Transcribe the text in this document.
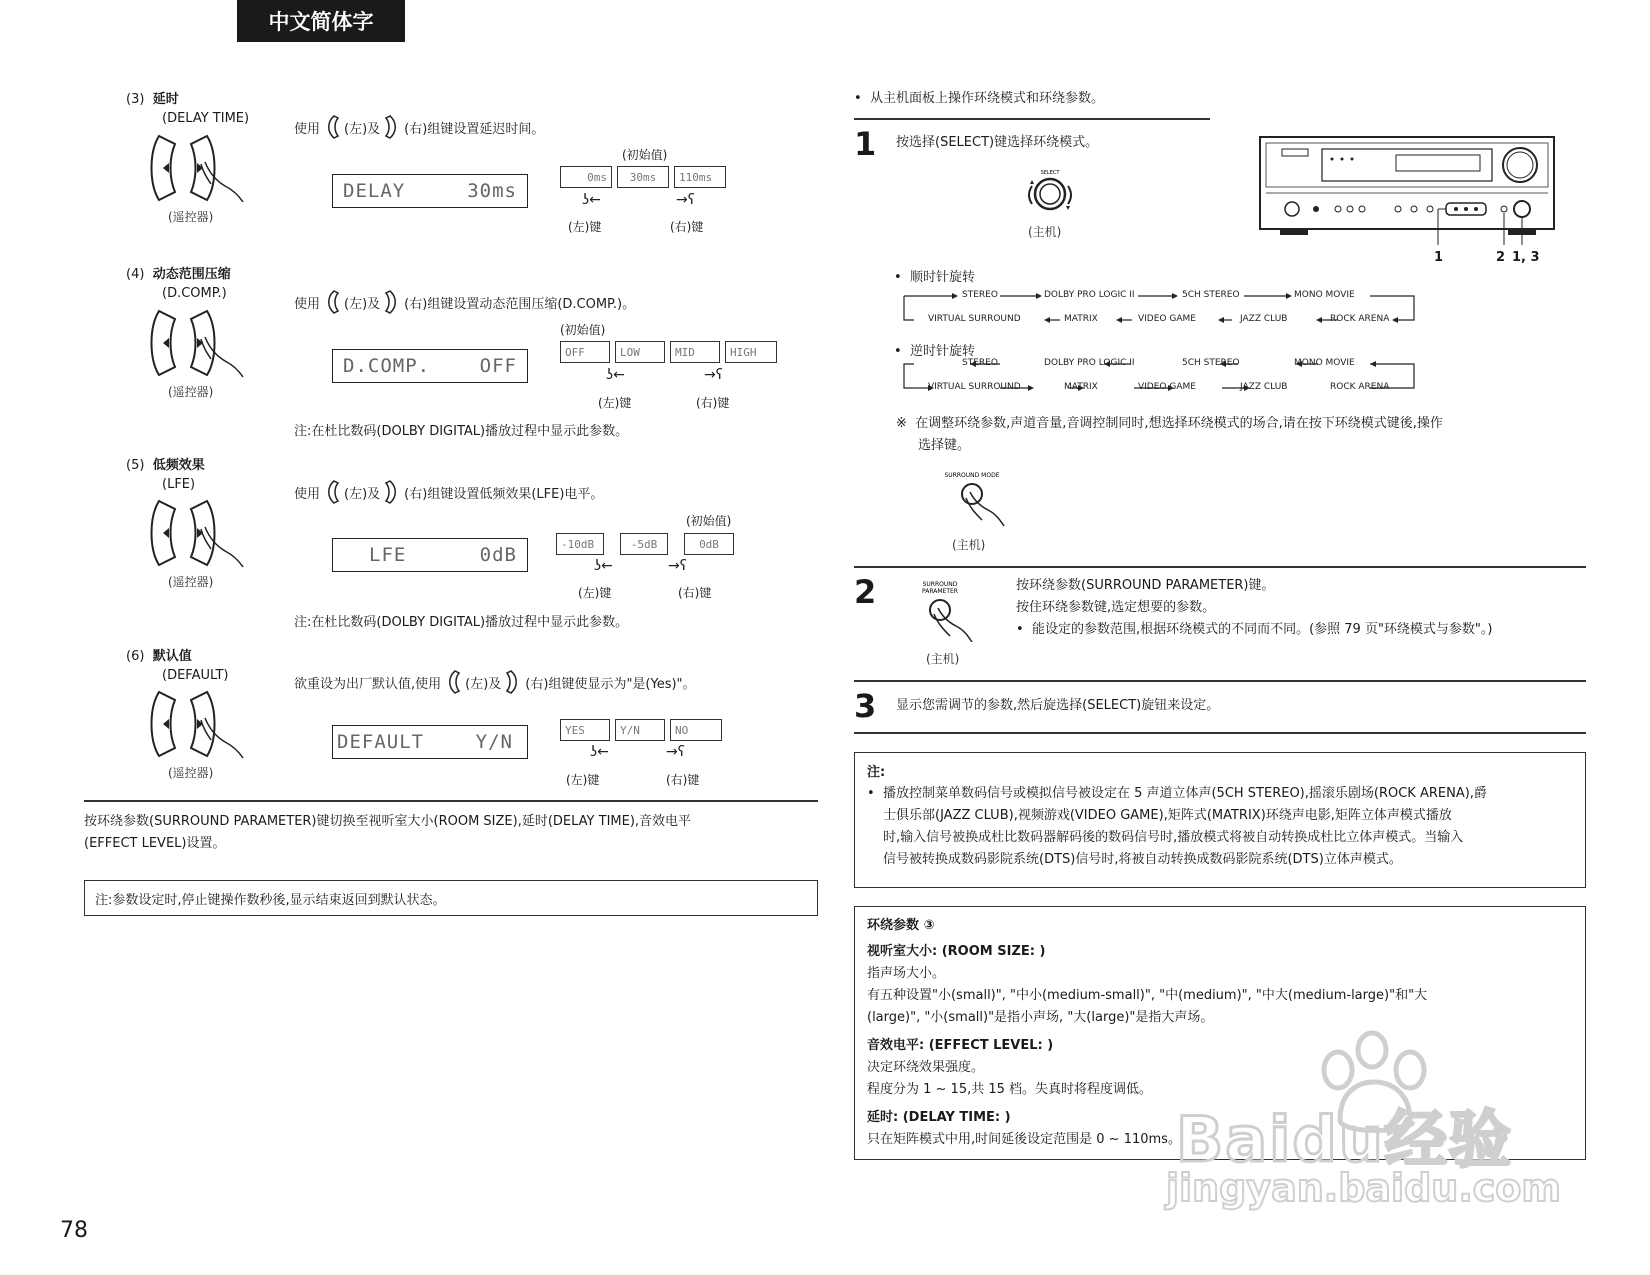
中文简体字
(3) 延时
(DELAY TIME)
(遥控器)
使用 (左)及 (右)组键设置延迟时间。
DELAY	30ms
(初始值)
0ms	30ms	110ms
ʖ←	→ʕ
(左)键	(右)键
(4) 动态范围压缩
(D.COMP.)
(遥控器)
使用 (左)及 (右)组键设置动态范围压缩(D.COMP.)。
D.COMP.	OFF
(初始值)
OFF	LOW	MID	HIGH
ʖ←	→ʕ
(左)键	(右)键
注:在杜比数码(DOLBY DIGITAL)播放过程中显示此参数。
(5) 低频效果
(LFE)
(遥控器)
使用 (左)及 (右)组键设置低频效果(LFE)电平。
LFE	0dB
(初始值)
-10dB	-5dB	0dB
ʖ←	→ʕ
(左)键	(右)键
注:在杜比数码(DOLBY DIGITAL)播放过程中显示此参数。
(6) 默认值
(DEFAULT)
(遥控器)
欲重设为出厂默认值,使用 (左)及 (右)组键使显示为"是(Yes)"。
DEFAULT	Y/N
YES	Y/N	NO
ʖ←	→ʕ
(左)键	(右)键
按环绕参数(SURROUND PARAMETER)键切换至视听室大小(ROOM SIZE),延时(DELAY TIME),音效电平
(EFFECT LEVEL)设置。
注:参数设定时,停止键操作数秒後,显示结束返回到默认状态。
78
•  从主机面板上操作环绕模式和环绕参数。
1 按选择(SELECT)键选择环绕模式。
SELECT
(主机)
1	2 1, 3
•  顺时针旋转
STEREO	DOLBY PRO LOGIC II	5CH STEREO	MONO MOVIE
VIRTUAL SURROUND	MATRIX	VIDEO GAME	JAZZ CLUB	ROCK ARENA
•  逆时针旋转
STEREO	DOLBY PRO LOGIC II	5CH STEREO	MONO MOVIE
VIRTUAL SURROUND	MATRIX	VIDEO GAME	JAZZ CLUB	ROCK ARENA
※ 在调整环绕参数,声道音量,音调控制同时,想选择环绕模式的场合,请在按下环绕模式键後,操作
选择键。
SURROUND MODE
(主机)
2	SURROUND
PARAMETER
(主机)
按环绕参数(SURROUND PARAMETER)键。
按住环绕参数键,选定想要的参数。
•  能设定的参数范围,根据环绕模式的不同而不同。(参照 79 页"环绕模式与参数"。)
3 显示您需调节的参数,然后旋选择(SELECT)旋钮来设定。
注:
•  播放控制菜单数码信号或模拟信号被设定在 5 声道立体声(5CH STEREO),摇滚乐剧场(ROCK ARENA),爵
士俱乐部(JAZZ CLUB),视频游戏(VIDEO GAME),矩阵式(MATRIX)环绕声电影,矩阵立体声模式播放
时,输入信号被换成杜比数码器解码後的数码信号时,播放模式将被自动转换成杜比立体声模式。当输入
信号被转换成数码影院系统(DTS)信号时,将被自动转换成数码影院系统(DTS)立体声模式。
环绕参数 ③
视听室大小: (ROOM SIZE: )
指声场大小。
有五种设置"小(small)", "中小(medium-small)", "中(medium)", "中大(medium-large)"和"大
(large)", "小(small)"是指小声场, "大(large)"是指大声场。
音效电平: (EFFECT LEVEL: )
决定环绕效果强度。
程度分为 1 ~ 15,共 15 档。失真时将程度调低。
延时: (DELAY TIME: )
只在矩阵模式中用,时间延後设定范围是 0 ~ 110ms。
Baidu经验
jingyan.baidu.com
